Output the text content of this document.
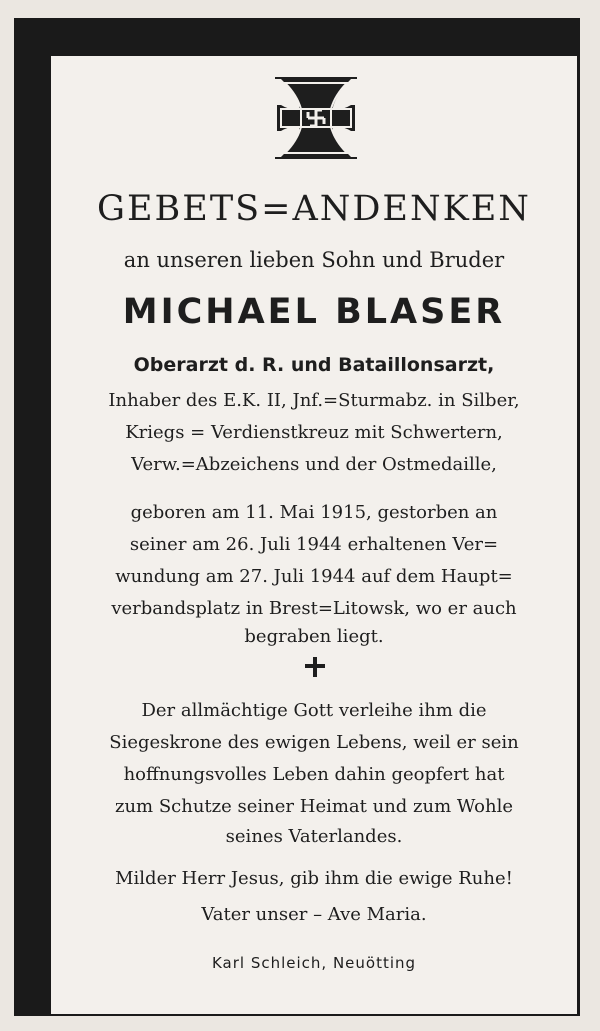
GEBETS=ANDENKEN
an unseren lieben Sohn und Bruder
MICHAEL BLASER
Oberarzt d. R. und Bataillonsarzt,
Inhaber des E.K. II, Jnf.=Sturmabz. in Silber,
Kriegs = Verdienstkreuz mit Schwertern,
Verw.=Abzeichens und der Ostmedaille,
geboren am 11. Mai 1915, gestorben an
seiner am 26. Juli 1944 erhaltenen Ver=
wundung am 27. Juli 1944 auf dem Haupt=
verbandsplatz in Brest=Litowsk, wo er auch
begraben liegt.
Der allmächtige Gott verleihe ihm die
Siegeskrone des ewigen Lebens, weil er sein
hoffnungsvolles Leben dahin geopfert hat
zum Schutze seiner Heimat und zum Wohle
seines Vaterlandes.
Milder Herr Jesus, gib ihm die ewige Ruhe!
Vater unser – Ave Maria.
Karl Schleich, Neuötting
